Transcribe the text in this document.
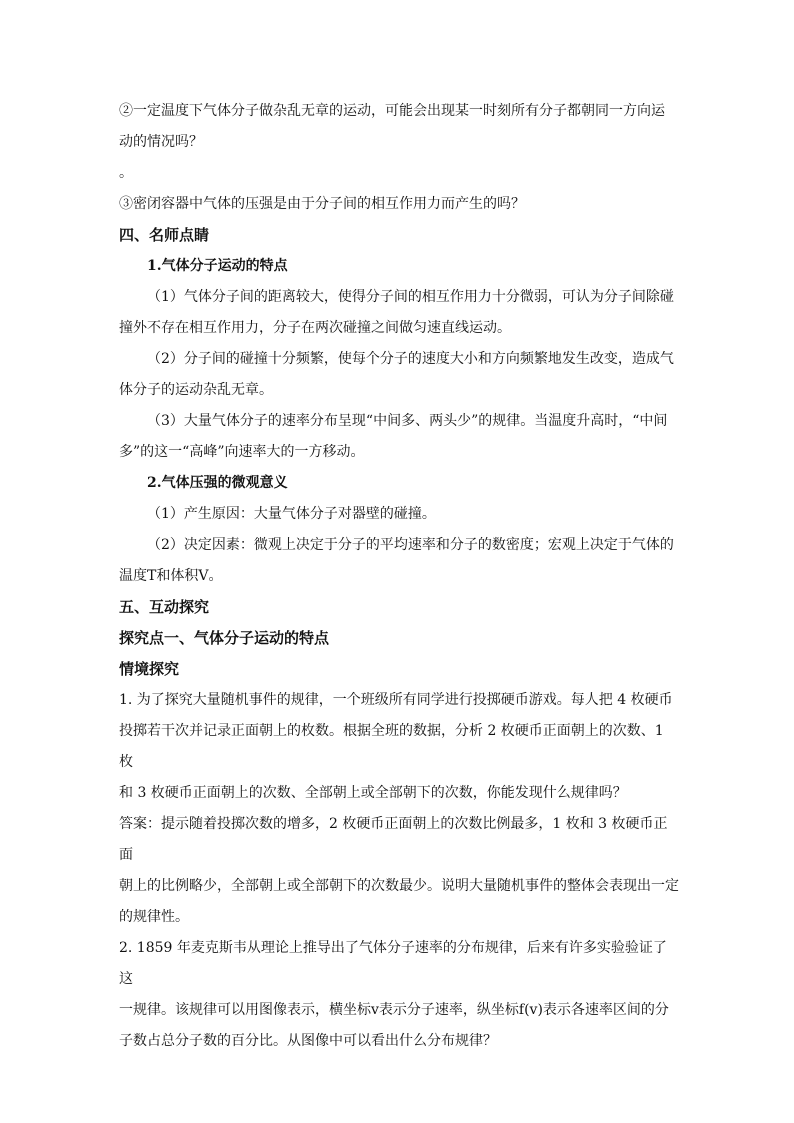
②一定温度下气体分子做杂乱无章的运动，可能会出现某一时刻所有分子都朝同一方向运

动的情况吗？

。

③密闭容器中气体的压强是由于分子间的相互作用力而产生的吗？

四、名师点睛

1.气体分子运动的特点

（1）气体分子间的距离较大，使得分子间的相互作用力十分微弱，可认为分子间除碰

撞外不存在相互作用力，分子在两次碰撞之间做匀速直线运动。

（2）分子间的碰撞十分频繁，使每个分子的速度大小和方向频繁地发生改变，造成气

体分子的运动杂乱无章。

（3）大量气体分子的速率分布呈现“中间多、两头少”的规律。当温度升高时，“中间

多”的这一“高峰”向速率大的一方移动。

2.气体压强的微观意义

（1）产生原因：大量气体分子对器壁的碰撞。

（2）决定因素：微观上决定于分子的平均速率和分子的数密度；宏观上决定于气体的

温度T和体积V。

五、互动探究

探究点一、气体分子运动的特点

情境探究

1. 为了探究大量随机事件的规律，一个班级所有同学进行投掷硬币游戏。每人把 4 枚硬币

投掷若干次并记录正面朝上的枚数。根据全班的数据，分析 2 枚硬币正面朝上的次数、1 枚

和 3 枚硬币正面朝上的次数、全部朝上或全部朝下的次数，你能发现什么规律吗？

答案：提示随着投掷次数的增多，2 枚硬币正面朝上的次数比例最多，1 枚和 3 枚硬币正面

朝上的比例略少，全部朝上或全部朝下的次数最少。说明大量随机事件的整体会表现出一定

的规律性。

2. 1859 年麦克斯韦从理论上推导出了气体分子速率的分布规律，后来有许多实验验证了这

一规律。该规律可以用图像表示，横坐标v表示分子速率，纵坐标f(v)表示各速率区间的分

子数占总分子数的百分比。从图像中可以看出什么分布规律？
